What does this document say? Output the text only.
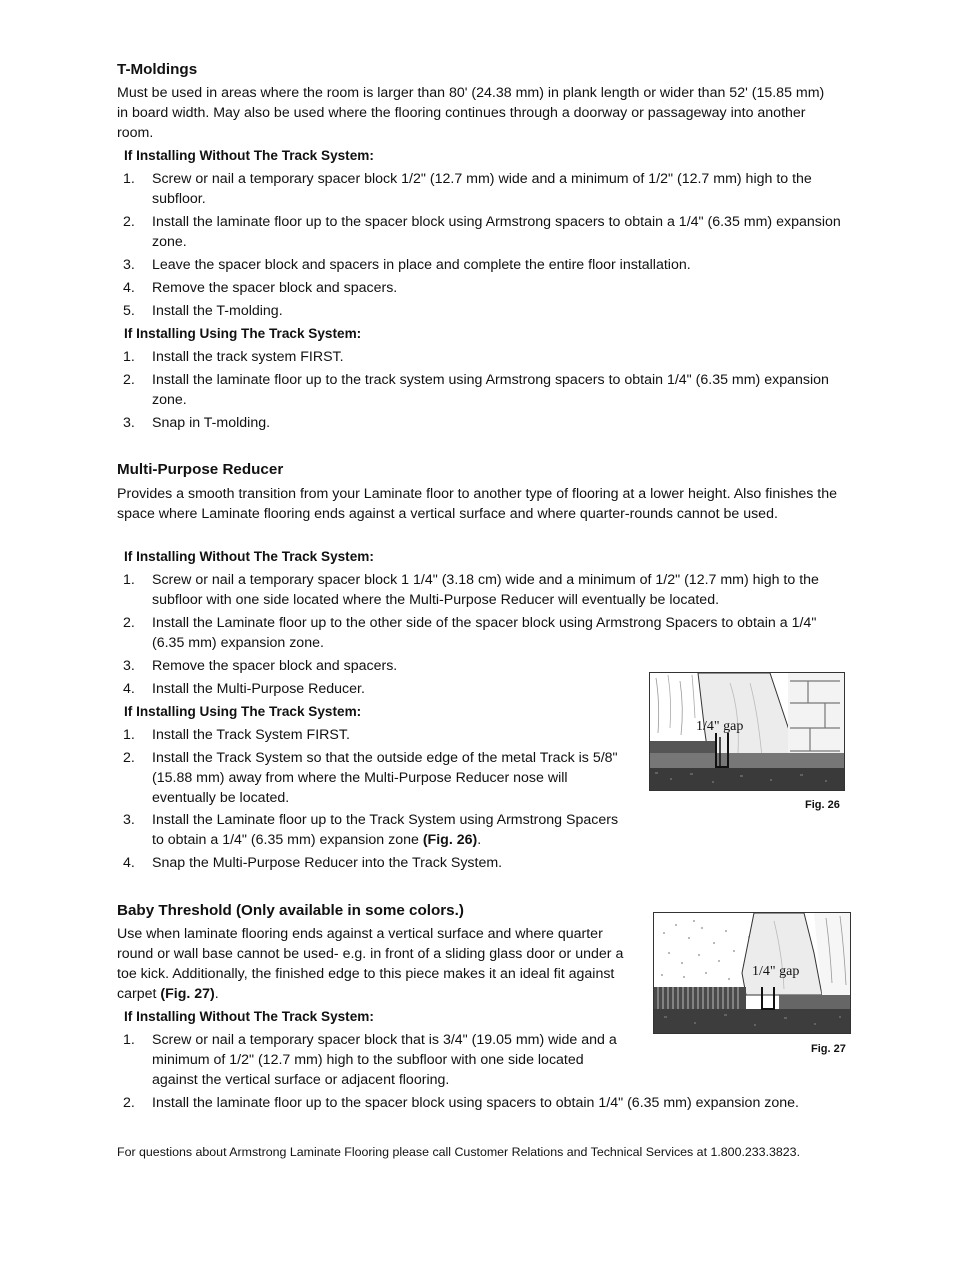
T-Moldings

Must be used in areas where the room is larger than 80' (24.38 mm) in plank length or wider than 52' (15.85 mm) in board width. May also be used where the flooring continues through a doorway or passageway into another room.

If Installing Without The Track System:
1. Screw or nail a temporary spacer block 1/2" (12.7 mm) wide and a minimum of 1/2" (12.7 mm) high to the subfloor.
2. Install the laminate floor up to the spacer block using Armstrong spacers to obtain a 1/4" (6.35 mm) expansion zone.
3. Leave the spacer block and spacers in place and complete the entire floor installation.
4. Remove the spacer block and spacers.
5. Install the T-molding.
If Installing Using The Track System:
1. Install the track system FIRST.
2. Install the laminate floor up to the track system using Armstrong spacers to obtain 1/4" (6.35 mm) expansion zone.
3. Snap in T-molding.
Multi-Purpose Reducer

Provides a smooth transition from your Laminate floor to another type of flooring at a lower height. Also finishes the space where Laminate flooring ends against a vertical surface and where quarter-rounds cannot be used.

If Installing Without The Track System:
1. Screw or nail a temporary spacer block 1 1/4" (3.18 cm) wide and a minimum of 1/2" (12.7 mm) high to the subfloor with one side located where the Multi-Purpose Reducer will eventually be located.
2. Install the Laminate floor up to the other side of the spacer block using Armstrong Spacers to obtain a 1/4" (6.35 mm) expansion zone.
3. Remove the spacer block and spacers.
4. Install the Multi-Purpose Reducer.
If Installing Using The Track System:
1. Install the Track System FIRST.
2. Install the Track System so that the outside edge of the metal Track is 5/8" (15.88 mm) away from where the Multi-Purpose Reducer nose will eventually be located.
3. Install the Laminate floor up to the Track System using Armstrong Spacers to obtain a 1/4" (6.35 mm) expansion zone (Fig. 26).
4. Snap the Multi-Purpose Reducer into the Track System.
1/4" gap
Fig. 26
Baby Threshold (Only available in some colors.)

Use when laminate flooring ends against a vertical surface and where quarter round or wall base cannot be used- e.g. in front of a sliding glass door or under a toe kick. Additionally, the finished edge to this piece makes it an ideal fit against carpet (Fig. 27).

If Installing Without The Track System:
1. Screw or nail a temporary spacer block that is 3/4" (19.05 mm) wide and a minimum of 1/2" (12.7 mm) high to the subfloor with one side located against the vertical surface or adjacent flooring.
2. Install the laminate floor up to the spacer block using spacers to obtain 1/4" (6.35 mm) expansion zone.
1/4" gap
Fig. 27
For questions about Armstrong Laminate Flooring please call Customer Relations and Technical Services at 1.800.233.3823.
